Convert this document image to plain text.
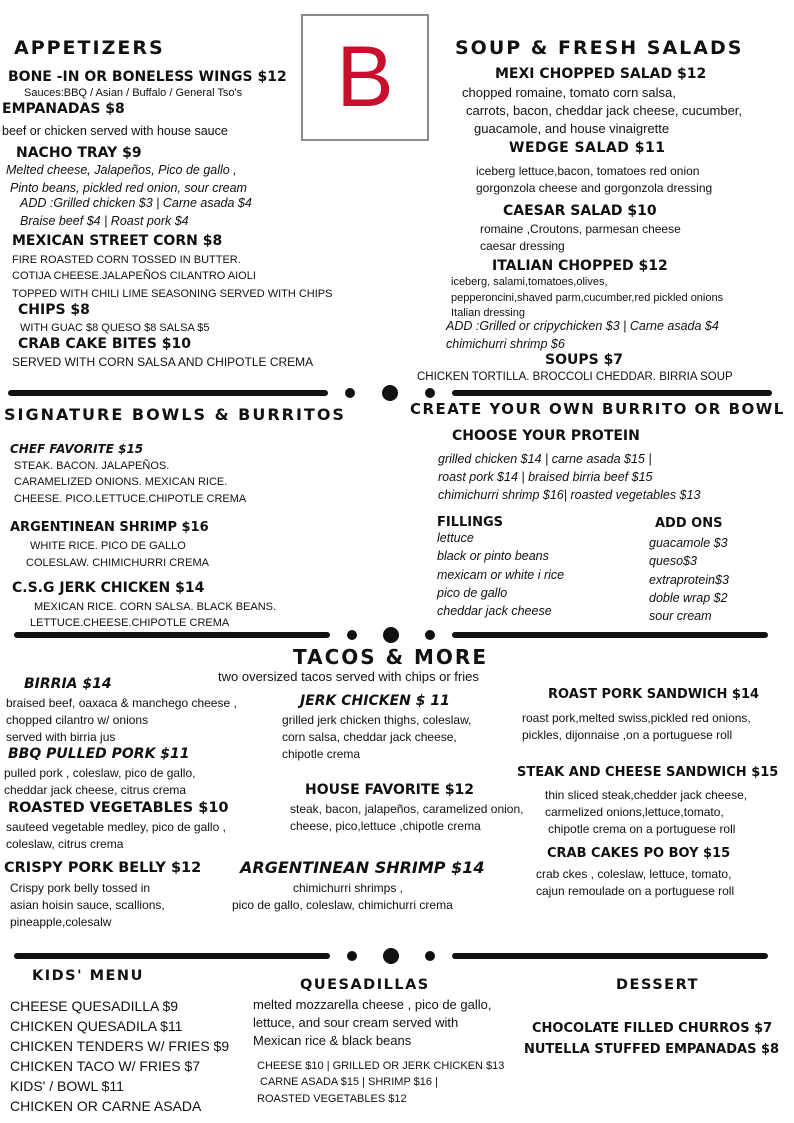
B
APPETIZERS
BONE -IN OR BONELESS WINGS $12
Sauces:BBQ / Asian / Buffalo / General Tso's
EMPANADAS $8
beef or chicken served with house sauce
NACHO TRAY $9
Melted cheese, Jalapeños, Pico de gallo ,
Pinto beans, pickled red onion, sour cream
ADD :Grilled chicken $3 | Carne asada $4
Braise beef $4 | Roast pork $4
MEXICAN STREET CORN $8
FIRE ROASTED CORN TOSSED IN BUTTER.
COTIJA CHEESE.JALAPEÑOS CILANTRO AIOLI
TOPPED WITH CHILI LIME SEASONING SERVED WITH CHIPS
CHIPS $8
WITH GUAC $8 QUESO $8 SALSA $5
CRAB CAKE BITES $10
SERVED WITH CORN SALSA AND CHIPOTLE CREMA
SOUP & FRESH SALADS
MEXI CHOPPED SALAD $12
chopped romaine, tomato corn salsa,
carrots, bacon, cheddar jack cheese, cucumber,
guacamole, and house vinaigrette
WEDGE SALAD $11
iceberg lettuce,bacon, tomatoes red onion
gorgonzola cheese and gorgonzola dressing
CAESAR SALAD $10
romaine ,Croutons, parmesan cheese
caesar dressing
ITALIAN CHOPPED $12
iceberg, salami,tomatoes,olives,
pepperoncini,shaved parm,cucumber,red pickled onions
Italian dressing
ADD :Grilled or cripychicken $3 | Carne asada $4
chimichurri shrimp $6
SOUPS $7
CHICKEN TORTILLA. BROCCOLI CHEDDAR. BIRRIA SOUP
SIGNATURE BOWLS & BURRITOS
CHEF FAVORITE $15
STEAK. BACON. JALAPEÑOS.
CARAMELIZED ONIONS. MEXICAN RICE.
CHEESE. PICO.LETTUCE.CHIPOTLE CREMA
ARGENTINEAN SHRIMP $16
WHITE RICE. PICO DE GALLO
COLESLAW. CHIMICHURRI CREMA
C.S.G JERK CHICKEN $14
MEXICAN RICE. CORN SALSA. BLACK BEANS.
LETTUCE.CHEESE.CHIPOTLE CREMA
CREATE YOUR OWN BURRITO OR BOWL
CHOOSE YOUR PROTEIN
grilled chicken $14 | carne asada $15 |
roast pork $14 | braised birria beef $15
chimichurri shrimp $16| roasted vegetables $13
FILLINGS
lettuce
black or pinto beans
mexicam or white i rice
pico de gallo
cheddar jack cheese
ADD ONS
guacamole $3
queso$3
extraprotein$3
doble wrap $2
sour cream
TACOS & MORE
two oversized tacos served with chips or fries
BIRRIA $14
braised beef, oaxaca & manchego cheese ,
chopped cilantro w/ onions
served with birria jus
BBQ PULLED PORK $11
pulled pork , coleslaw, pico de gallo,
cheddar jack cheese, citrus crema
ROASTED VEGETABLES $10
sauteed vegetable medley, pico de gallo ,
coleslaw, citrus crema
CRISPY PORK BELLY $12
Crispy pork belly tossed in
asian hoisin sauce, scallions,
pineapple,colesalw
JERK CHICKEN $ 11
grilled jerk chicken thighs, coleslaw,
corn salsa, cheddar jack cheese,
chipotle crema
HOUSE FAVORITE $12
steak, bacon, jalapeños, caramelized onion,
cheese, pico,lettuce ,chipotle crema
ARGENTINEAN SHRIMP $14
chimichurri shrimps ,
pico de gallo, coleslaw, chimichurri crema
ROAST PORK SANDWICH $14
roast pork,melted swiss,pickled red onions,
pickles, dijonnaise ,on a portuguese roll
STEAK AND CHEESE SANDWICH $15
thin sliced steak,chedder jack cheese,
carmelized onions,lettuce,tomato,
chipotle crema on a portuguese roll
CRAB CAKES PO BOY $15
crab ckes , coleslaw, lettuce, tomato,
cajun remoulade on a portuguese roll
KIDS' MENU
CHEESE QUESADILLA $9
CHICKEN QUESADILA $11
CHICKEN TENDERS W/ FRIES $9
CHICKEN TACO W/ FRIES $7
KIDS' / BOWL $11
CHICKEN OR CARNE ASADA
QUESADILLAS
melted mozzarella cheese , pico de gallo,
lettuce, and sour cream served with
Mexican rice & black beans
CHEESE $10 | GRILLED OR JERK CHICKEN $13
CARNE ASADA $15 | SHRIMP $16 |
ROASTED VEGETABLES $12
DESSERT
CHOCOLATE FILLED CHURROS $7
NUTELLA STUFFED EMPANADAS $8
